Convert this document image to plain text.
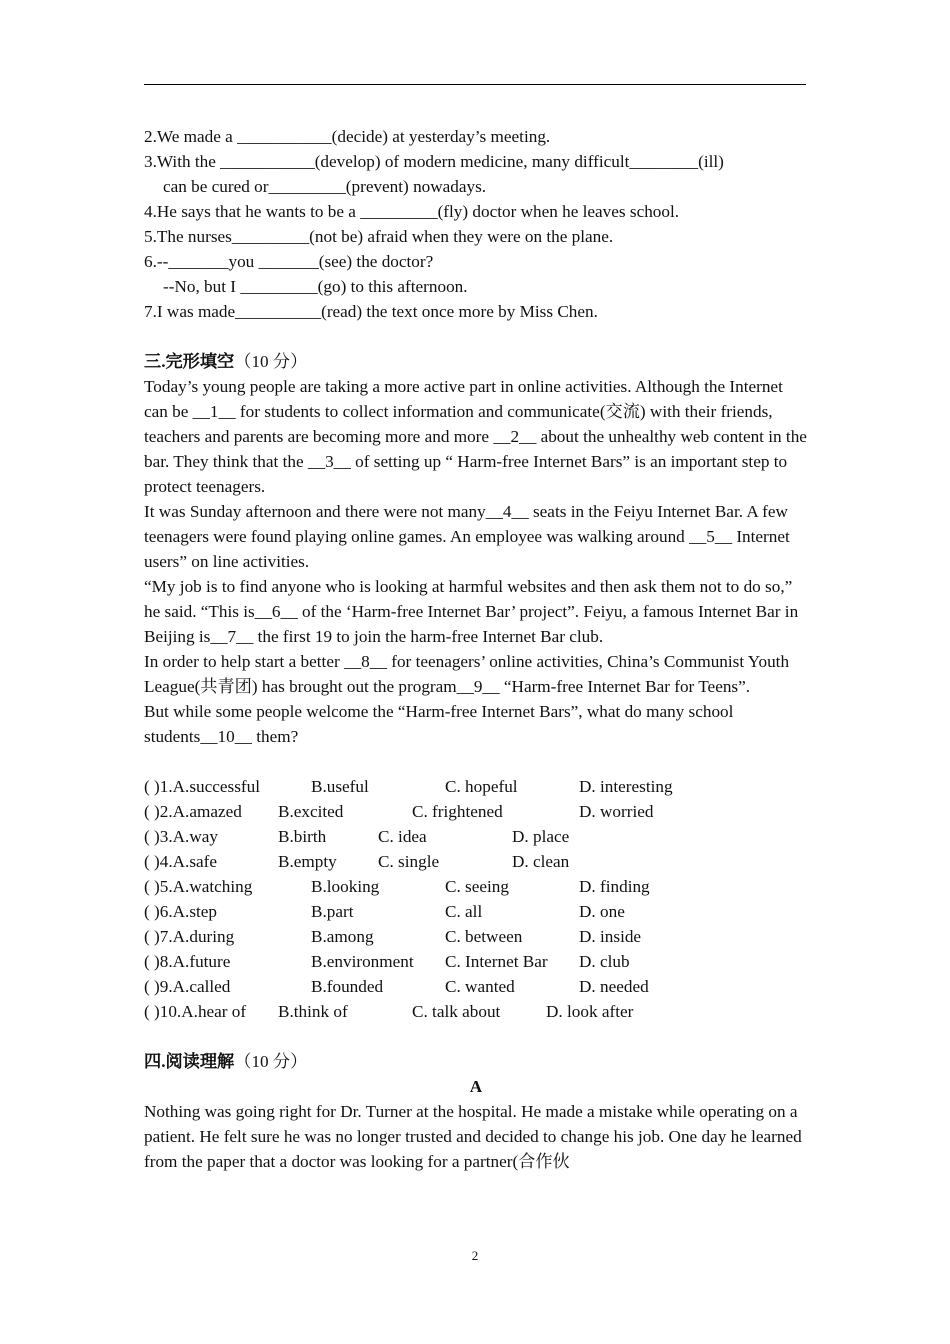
2.We made a ___________(decide) at yesterday’s meeting.
3.With the ___________(develop) of modern medicine, many difficult________(ill)
can be cured or_________(prevent) nowadays.
4.He says that he wants to be a _________(fly) doctor when he leaves school.
5.The nurses_________(not be) afraid when they were on the plane.
6.--_______you _______(see) the doctor?
--No, but I _________(go) to this afternoon.
7.I was made__________(read) the text once more by Miss Chen.
三.完形填空（10 分）
Today’s young people are taking a more active part in online activities. Although the Internet can be __1__ for students to collect information and communicate(交流) with their friends, teachers and parents are becoming more and more __2__ about the unhealthy web content in the bar. They think that the __3__ of setting up “ Harm-free Internet Bars” is an important step to protect teenagers.
It was Sunday afternoon and there were not many__4__ seats in the Feiyu Internet Bar. A few teenagers were found playing online games. An employee was walking around __5__ Internet users” on line activities.
“My job is to find anyone who is looking at harmful websites and then ask them not to do so,” he said. “This is__6__ of the ‘Harm-free Internet Bar’ project”. Feiyu, a famous Internet Bar in Beijing is__7__ the first 19 to join the harm-free Internet Bar club.
In order to help start a better __8__ for teenagers’ online activities, China’s Communist Youth League(共青团) has brought out the program__9__ “Harm-free Internet Bar for Teens”.
But while some people welcome the “Harm-free Internet Bars”, what do many school students__10__ them?
( )1.A.successful	B.useful	C. hopeful	D. interesting
( )2.A.amazed B.excited	C. frightened	D. worried
( )3.A.way	B.birth	C. idea	D. place
( )4.A.safe	B.empty C. single	D. clean
( )5.A.watching	B.looking	C. seeing	D. finding
( )6.A.step	B.part	C. all	D. one
( )7.A.during	B.among	C. between	D. inside
( )8.A.future	B.environment C. Internet Bar D. club
( )9.A.called	B.founded	C. wanted	D. needed
( )10.A.hear of B.think of	C. talk about	D. look after
四.阅读理解（10 分）
A
Nothing was going right for Dr. Turner at the hospital. He made a mistake while operating on a patient. He felt sure he was no longer trusted and decided to change his job. One day he learned from the paper that a doctor was looking for a partner(合作伙
2
